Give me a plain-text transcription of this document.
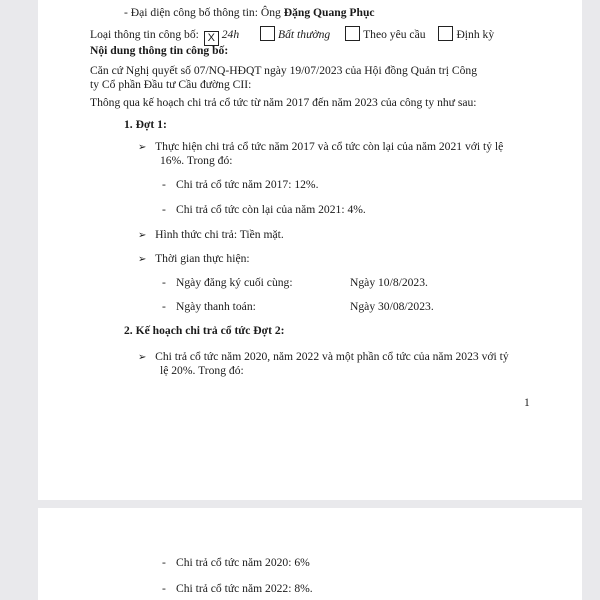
- Đại diện công bố thông tin: Ông Đặng Quang Phục
Loại thông tin công bố: X 24h	Bất thường	Theo yêu cầu	Định kỳ
Nội dung thông tin công bố:
Căn cứ Nghị quyết số 07/NQ-HĐQT ngày 19/07/2023 của Hội đồng Quản trị Công
ty Cổ phần Đầu tư Cầu đường CII:
Thông qua kế hoạch chi trả cổ tức từ năm 2017 đến năm 2023 của công ty như sau:
1. Đợt 1:
➢ Thực hiện chi trả cổ tức năm 2017 và cổ tức còn lại của năm 2021 với tỷ lệ
16%. Trong đó:
- Chi trả cổ tức năm 2017: 12%.
- Chi trả cổ tức còn lại của năm 2021: 4%.
➢ Hình thức chi trả: Tiền mặt.
➢ Thời gian thực hiện:
- Ngày đăng ký cuối cùng:	Ngày 10/8/2023.
- Ngày thanh toán:	Ngày 30/08/2023.
2. Kế hoạch chi trả cổ tức Đợt 2:
➢ Chi trả cổ tức năm 2020, năm 2022 và một phần cổ tức của năm 2023 với tỷ
lệ 20%. Trong đó:
1
- Chi trả cổ tức năm 2020: 6%
- Chi trả cổ tức năm 2022: 8%.
